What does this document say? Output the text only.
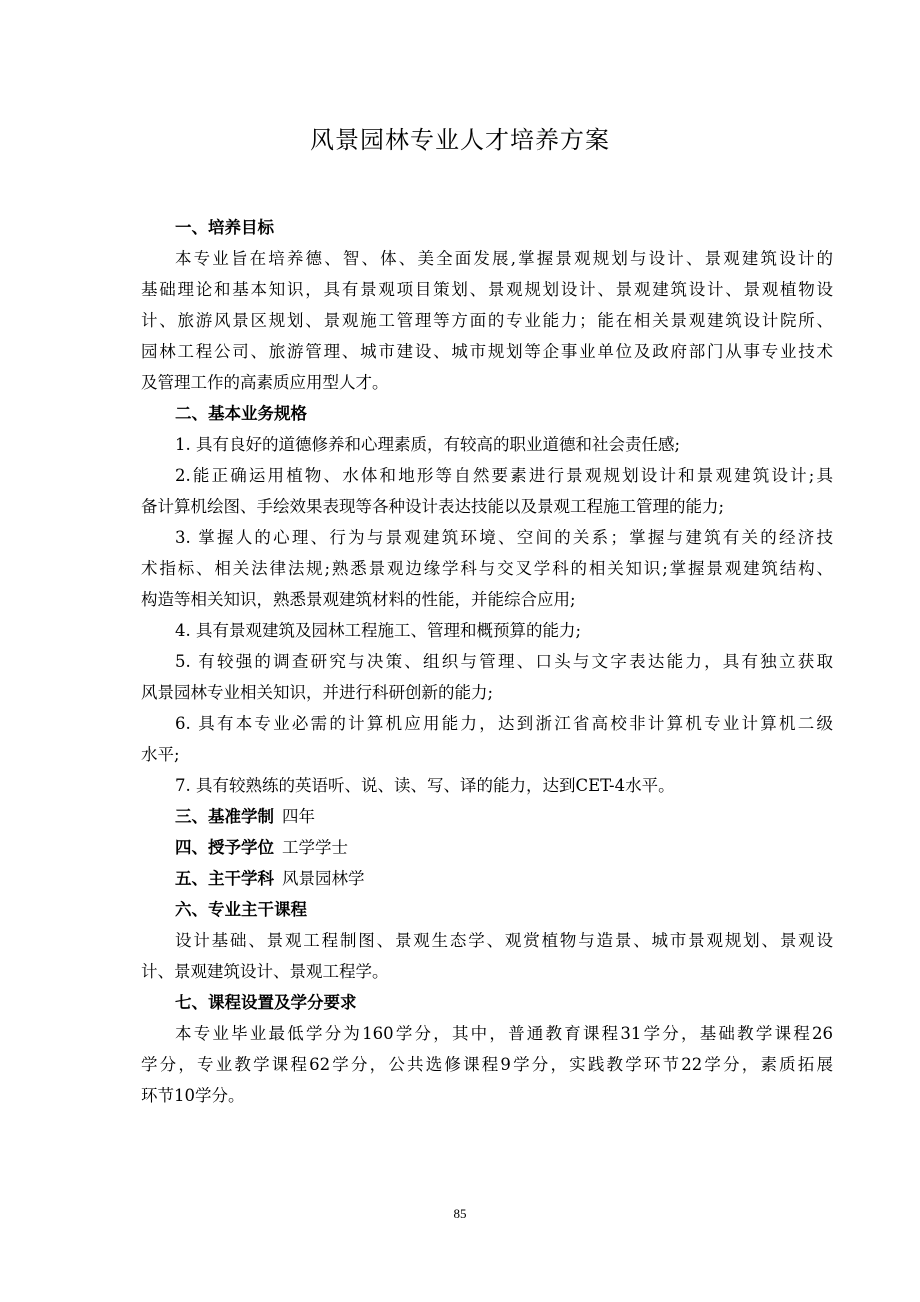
风景园林专业人才培养方案
一、培养目标
本专业旨在培养德、智、体、美全面发展,掌握景观规划与设计、景观建筑设计的
基础理论和基本知识，具有景观项目策划、景观规划设计、景观建筑设计、景观植物设
计、旅游风景区规划、景观施工管理等方面的专业能力；能在相关景观建筑设计院所、
园林工程公司、旅游管理、城市建设、城市规划等企事业单位及政府部门从事专业技术
及管理工作的高素质应用型人才。
二、基本业务规格
1. 具有良好的道德修养和心理素质，有较高的职业道德和社会责任感;
2.能正确运用植物、水体和地形等自然要素进行景观规划设计和景观建筑设计;具
备计算机绘图、手绘效果表现等各种设计表达技能以及景观工程施工管理的能力;
3. 掌握人的心理、行为与景观建筑环境、空间的关系；掌握与建筑有关的经济技
术指标、相关法律法规;熟悉景观边缘学科与交叉学科的相关知识;掌握景观建筑结构、
构造等相关知识，熟悉景观建筑材料的性能，并能综合应用;
4. 具有景观建筑及园林工程施工、管理和概预算的能力;
5. 有较强的调查研究与决策、组织与管理、口头与文字表达能力，具有独立获取
风景园林专业相关知识，并进行科研创新的能力;
6. 具有本专业必需的计算机应用能力，达到浙江省高校非计算机专业计算机二级
水平;
7. 具有较熟练的英语听、说、读、写、译的能力，达到CET-4水平。
三、基准学制 四年
四、授予学位 工学学士
五、主干学科 风景园林学
六、专业主干课程
设计基础、景观工程制图、景观生态学、观赏植物与造景、城市景观规划、景观设
计、景观建筑设计、景观工程学。
七、课程设置及学分要求
本专业毕业最低学分为160学分，其中，普通教育课程31学分，基础教学课程26
学分，专业教学课程62学分，公共选修课程9学分，实践教学环节22学分，素质拓展
环节10学分。
85
